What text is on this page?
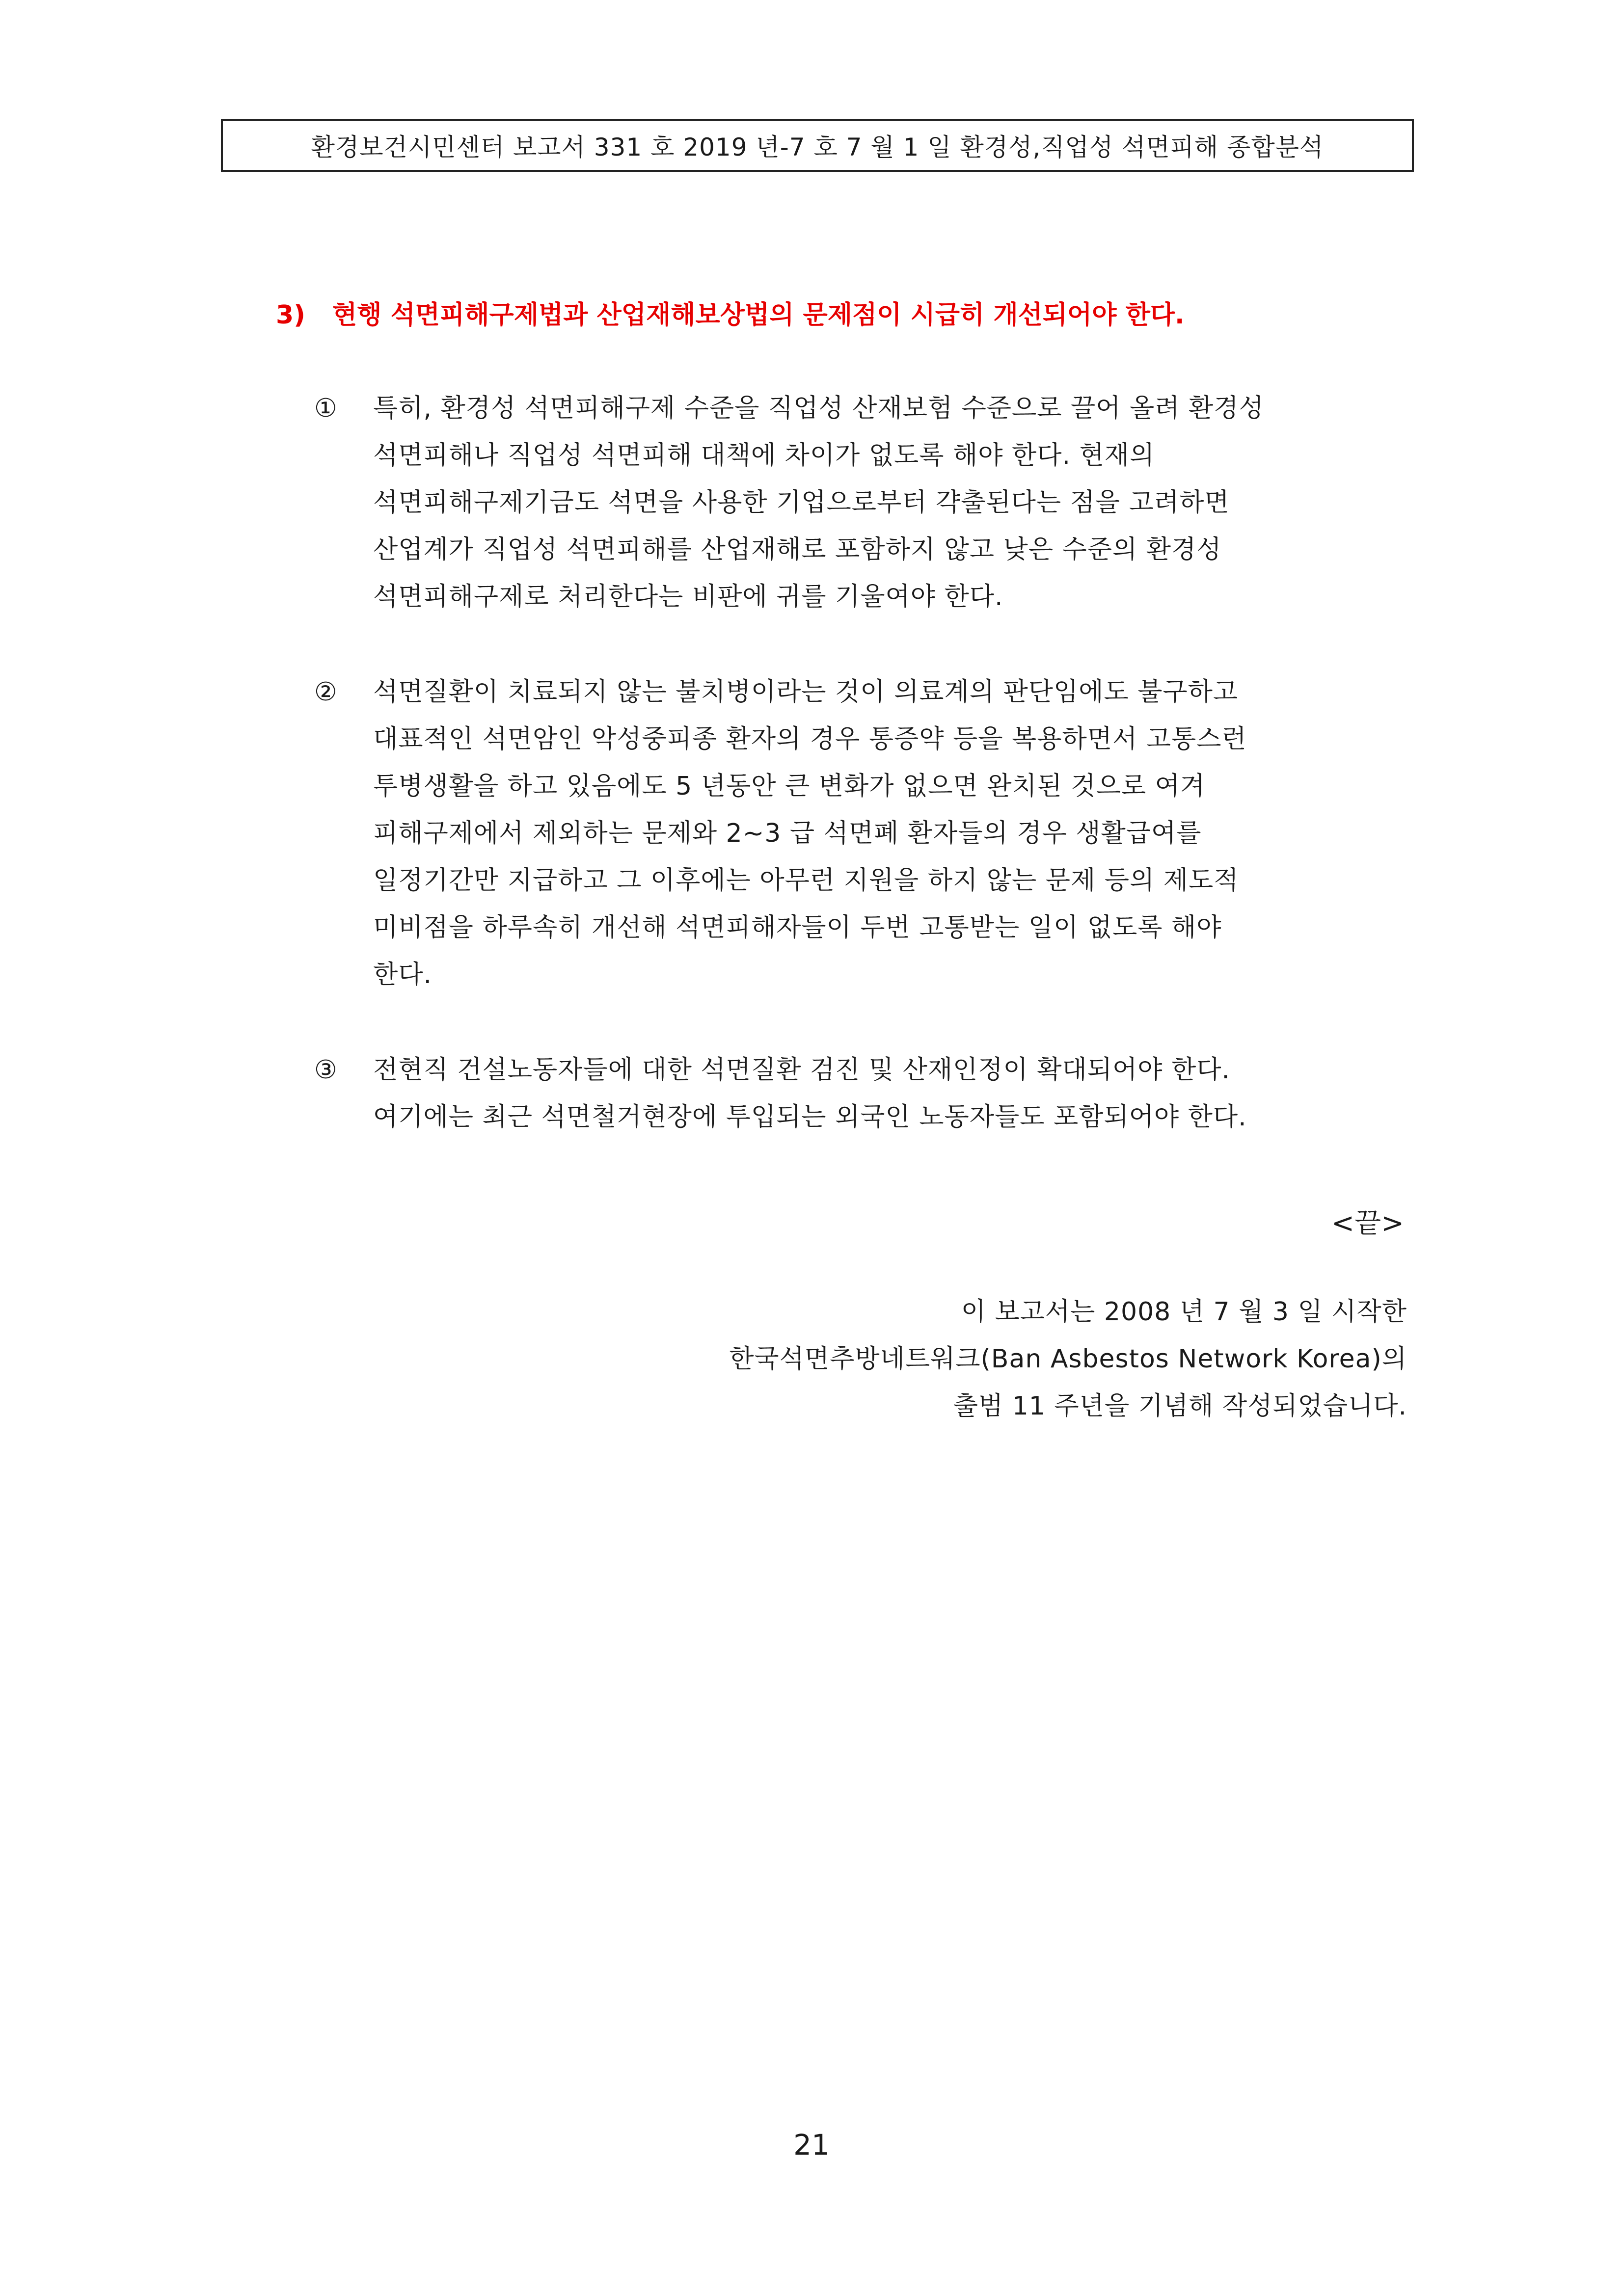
환경보건시민센터 보고서 331 호 2019 년-7 호 7 월 1 일 환경성,직업성 석면피해 종합분석
3) 현행 석면피해구제법과 산업재해보상법의 문제점이 시급히 개선되어야 한다.
①	특히, 환경성 석면피해구제 수준을 직업성 산재보험 수준으로 끌어 올려 환경성
석면피해나 직업성 석면피해 대책에 차이가 없도록 해야 한다. 현재의
석면피해구제기금도 석면을 사용한 기업으로부터 갹출된다는 점을 고려하면
산업계가 직업성 석면피해를 산업재해로 포함하지 않고 낮은 수준의 환경성
석면피해구제로 처리한다는 비판에 귀를 기울여야 한다.
②	석면질환이 치료되지 않는 불치병이라는 것이 의료계의 판단임에도 불구하고
대표적인 석면암인 악성중피종 환자의 경우 통증약 등을 복용하면서 고통스런
투병생활을 하고 있음에도 5 년동안 큰 변화가 없으면 완치된 것으로 여겨
피해구제에서 제외하는 문제와 2~3 급 석면폐 환자들의 경우 생활급여를
일정기간만 지급하고 그 이후에는 아무런 지원을 하지 않는 문제 등의 제도적
미비점을 하루속히 개선해 석면피해자들이 두번 고통받는 일이 없도록 해야
한다.
③	전현직 건설노동자들에 대한 석면질환 검진 및 산재인정이 확대되어야 한다.
여기에는 최근 석면철거현장에 투입되는 외국인 노동자들도 포함되어야 한다.
<끝>
이 보고서는 2008 년 7 월 3 일 시작한
한국석면추방네트워크(Ban Asbestos Network Korea)의
출범 11 주년을 기념해 작성되었습니다.
21
